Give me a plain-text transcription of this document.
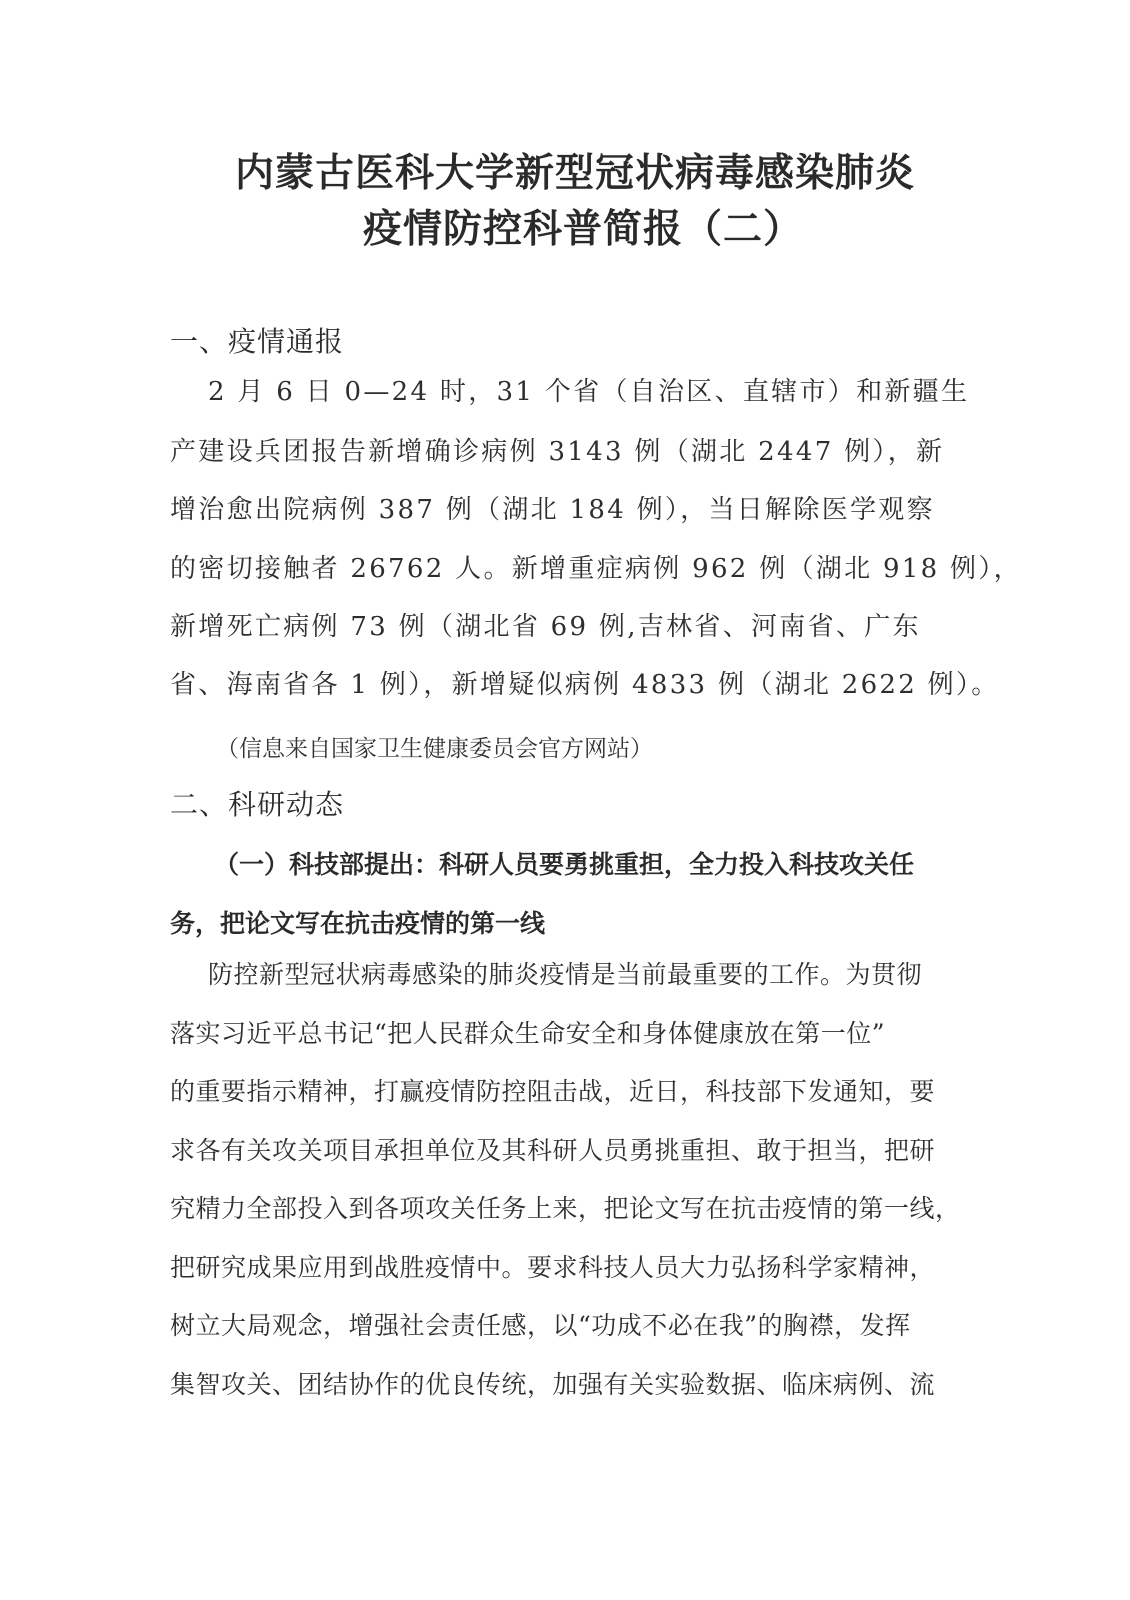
内蒙古医科大学新型冠状病毒感染肺炎
疫情防控科普简报（二）
一、疫情通报
2 月 6 日 0—24 时，31 个省（自治区、直辖市）和新疆生
产建设兵团报告新增确诊病例 3143 例（湖北 2447 例），新
增治愈出院病例 387 例（湖北 184 例），当日解除医学观察
的密切接触者 26762 人。新增重症病例 962 例（湖北 918 例），
新增死亡病例 73 例（湖北省 69 例,吉林省、河南省、广东
省、海南省各 1 例），新增疑似病例 4833 例（湖北 2622 例）。
（信息来自国家卫生健康委员会官方网站）
二、科研动态
（一）科技部提出：科研人员要勇挑重担，全力投入科技攻关任
务，把论文写在抗击疫情的第一线
防控新型冠状病毒感染的肺炎疫情是当前最重要的工作。为贯彻
落实习近平总书记“把人民群众生命安全和身体健康放在第一位”
的重要指示精神，打赢疫情防控阻击战，近日，科技部下发通知，要
求各有关攻关项目承担单位及其科研人员勇挑重担、敢于担当，把研
究精力全部投入到各项攻关任务上来，把论文写在抗击疫情的第一线，
把研究成果应用到战胜疫情中。要求科技人员大力弘扬科学家精神，
树立大局观念，增强社会责任感，以“功成不必在我”的胸襟，发挥
集智攻关、团结协作的优良传统，加强有关实验数据、临床病例、流
